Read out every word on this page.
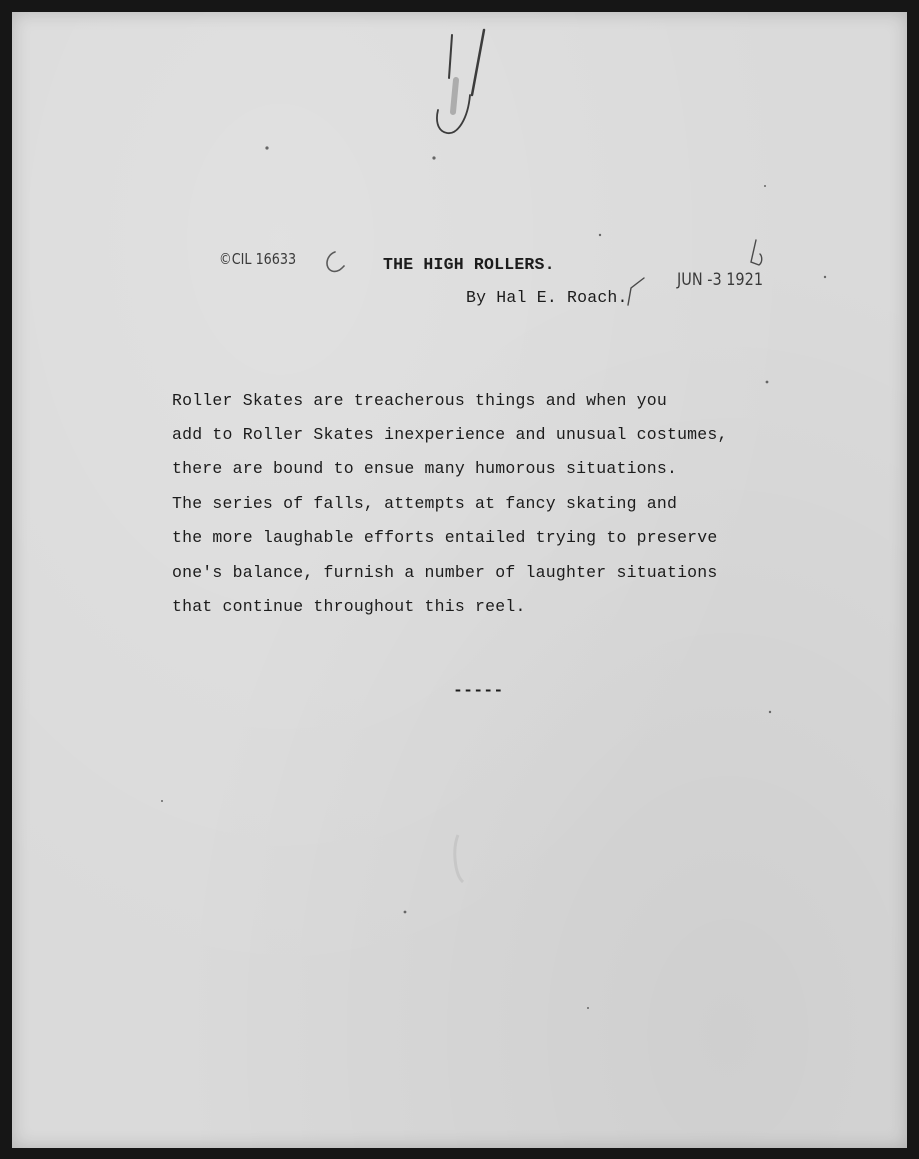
©CIL 16633	THE HIGH ROLLERS.
By Hal E. Roach.
JUN -3 1921
Roller Skates are treacherous things and when you
add to Roller Skates inexperience and unusual costumes,
there are bound to ensue many humorous situations.
The series of falls, attempts at fancy skating and
the more laughable efforts entailed trying to preserve
one's balance, furnish a number of laughter situations
that continue throughout this reel.
-----
